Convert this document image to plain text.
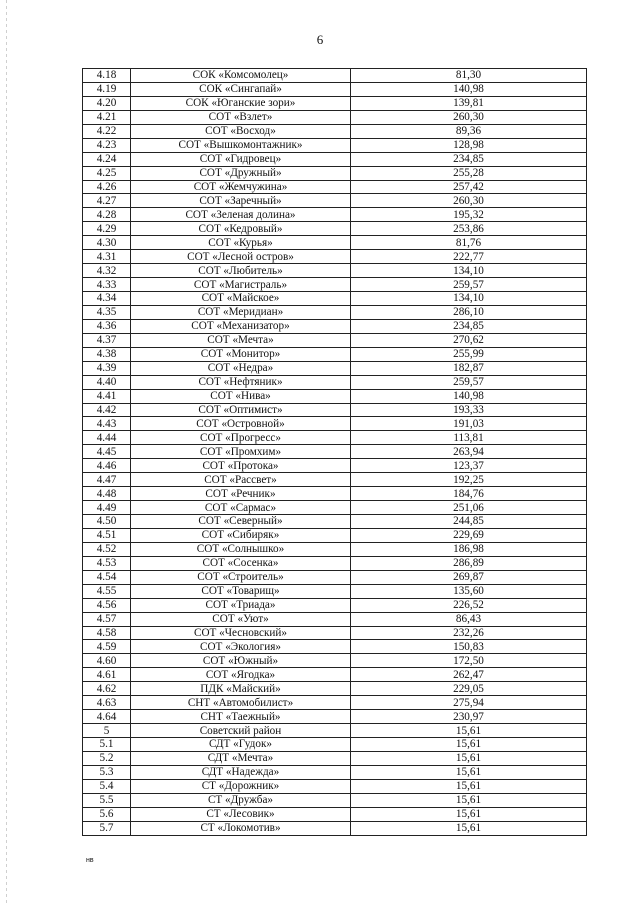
6
4.18	СОК «Комсомолец»	81,30
4.19	СОК «Сингапай»	140,98
4.20	СОК «Юганские зори»	139,81
4.21	СОТ «Взлет»	260,30
4.22	СОТ «Восход»	89,36
4.23	СОТ «Вышкомонтажник»	128,98
4.24	СОТ «Гидровец»	234,85
4.25	СОТ «Дружный»	255,28
4.26	СОТ «Жемчужина»	257,42
4.27	СОТ «Заречный»	260,30
4.28	СОТ «Зеленая долина»	195,32
4.29	СОТ «Кедровый»	253,86
4.30	СОТ «Курья»	81,76
4.31	СОТ «Лесной остров»	222,77
4.32	СОТ «Любитель»	134,10
4.33	СОТ «Магистраль»	259,57
4.34	СОТ «Майское»	134,10
4.35	СОТ «Меридиан»	286,10
4.36	СОТ «Механизатор»	234,85
4.37	СОТ «Мечта»	270,62
4.38	СОТ «Монитор»	255,99
4.39	СОТ «Недра»	182,87
4.40	СОТ «Нефтяник»	259,57
4.41	СОТ «Нива»	140,98
4.42	СОТ «Оптимист»	193,33
4.43	СОТ «Островной»	191,03
4.44	СОТ «Прогресс»	113,81
4.45	СОТ «Промхим»	263,94
4.46	СОТ «Протока»	123,37
4.47	СОТ «Рассвет»	192,25
4.48	СОТ «Речник»	184,76
4.49	СОТ «Сармас»	251,06
4.50	СОТ «Северный»	244,85
4.51	СОТ «Сибиряк»	229,69
4.52	СОТ «Солнышко»	186,98
4.53	СОТ «Сосенка»	286,89
4.54	СОТ «Строитель»	269,87
4.55	СОТ «Товарищ»	135,60
4.56	СОТ «Триада»	226,52
4.57	СОТ «Уют»	86,43
4.58	СОТ «Чесновский»	232,26
4.59	СОТ «Экология»	150,83
4.60	СОТ «Южный»	172,50
4.61	СОТ «Ягодка»	262,47
4.62	ПДК «Майский»	229,05
4.63	СНТ «Автомобилист»	275,94
4.64	СНТ «Таежный»	230,97
5	Советский район	15,61
5.1	СДТ «Гудок»	15,61
5.2	СДТ «Мечта»	15,61
5.3	СДТ «Надежда»	15,61
5.4	СТ «Дорожник»	15,61
5.5	СТ «Дружба»	15,61
5.6	СТ «Лесовик»	15,61
5.7	СТ «Локомотив»	15,61
нв
